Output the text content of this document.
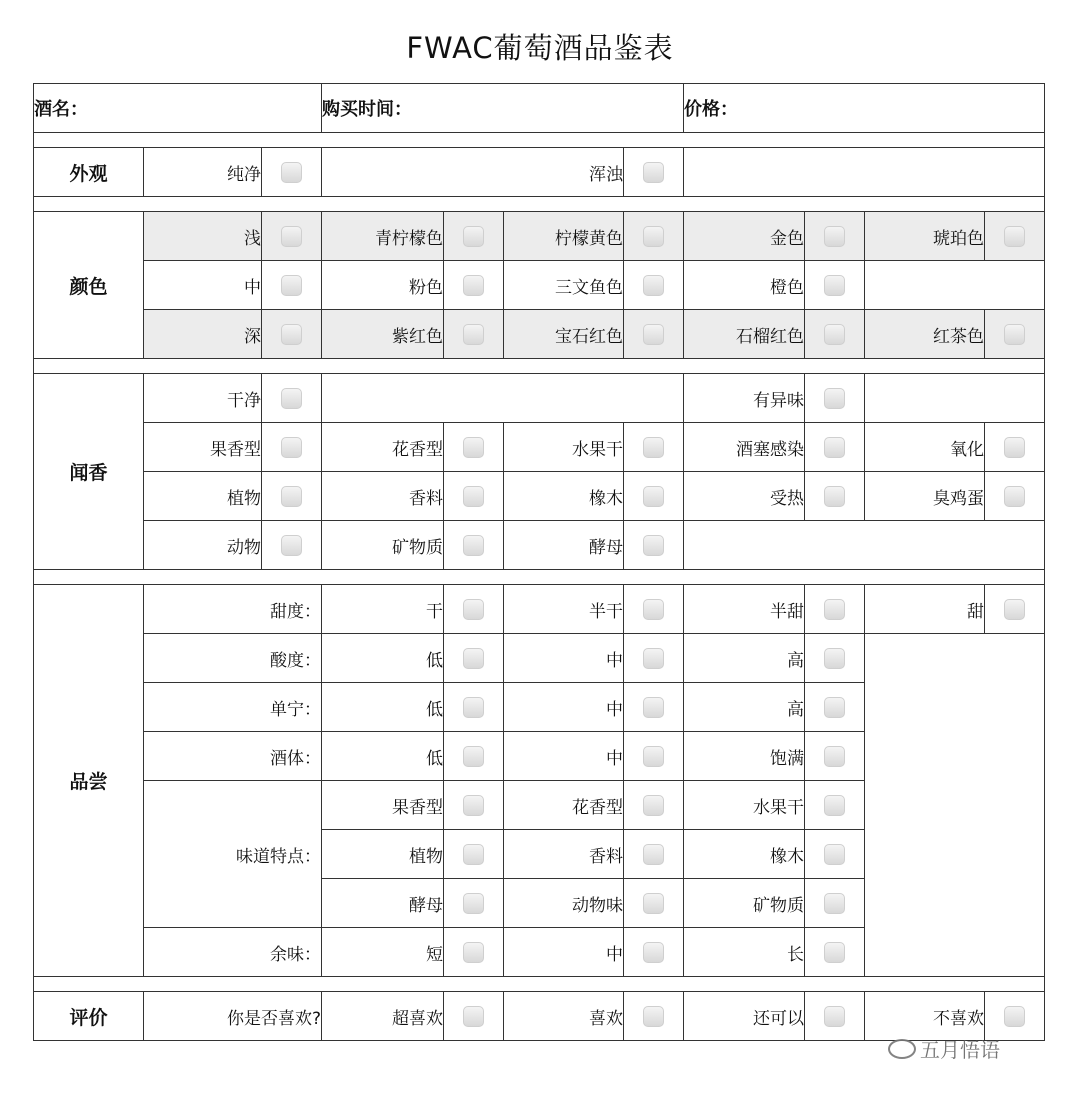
FWAC葡萄酒品鉴表
酒名：			购买时间：				价格：			

外观	纯净		浑浊							

颜色	浅		青柠檬色		柠檬黄色		金色		琥珀色	
	中		粉色		三文鱼色		橙色			
	深		紫红色		宝石红色		石榴红色		红茶色	

闻香	干净						有异味			
	果香型		花香型		水果干		酒塞感染		氧化	
	植物		香料		橡木		受热		臭鸡蛋	
	动物		矿物质		酵母					

品尝	甜度：		干		半干		半甜		甜	
	酸度：		低		中		高			
	单宁：		低		中		高			
	酒体：		低		中		饱满			
	味道特点：		果香型		花香型		水果干			
			植物		香料		橡木			
			酵母		动物味		矿物质			
	余味：		短		中		长			

评价	你是否喜欢?		超喜欢		喜欢		还可以		不喜欢	
五月悟语
